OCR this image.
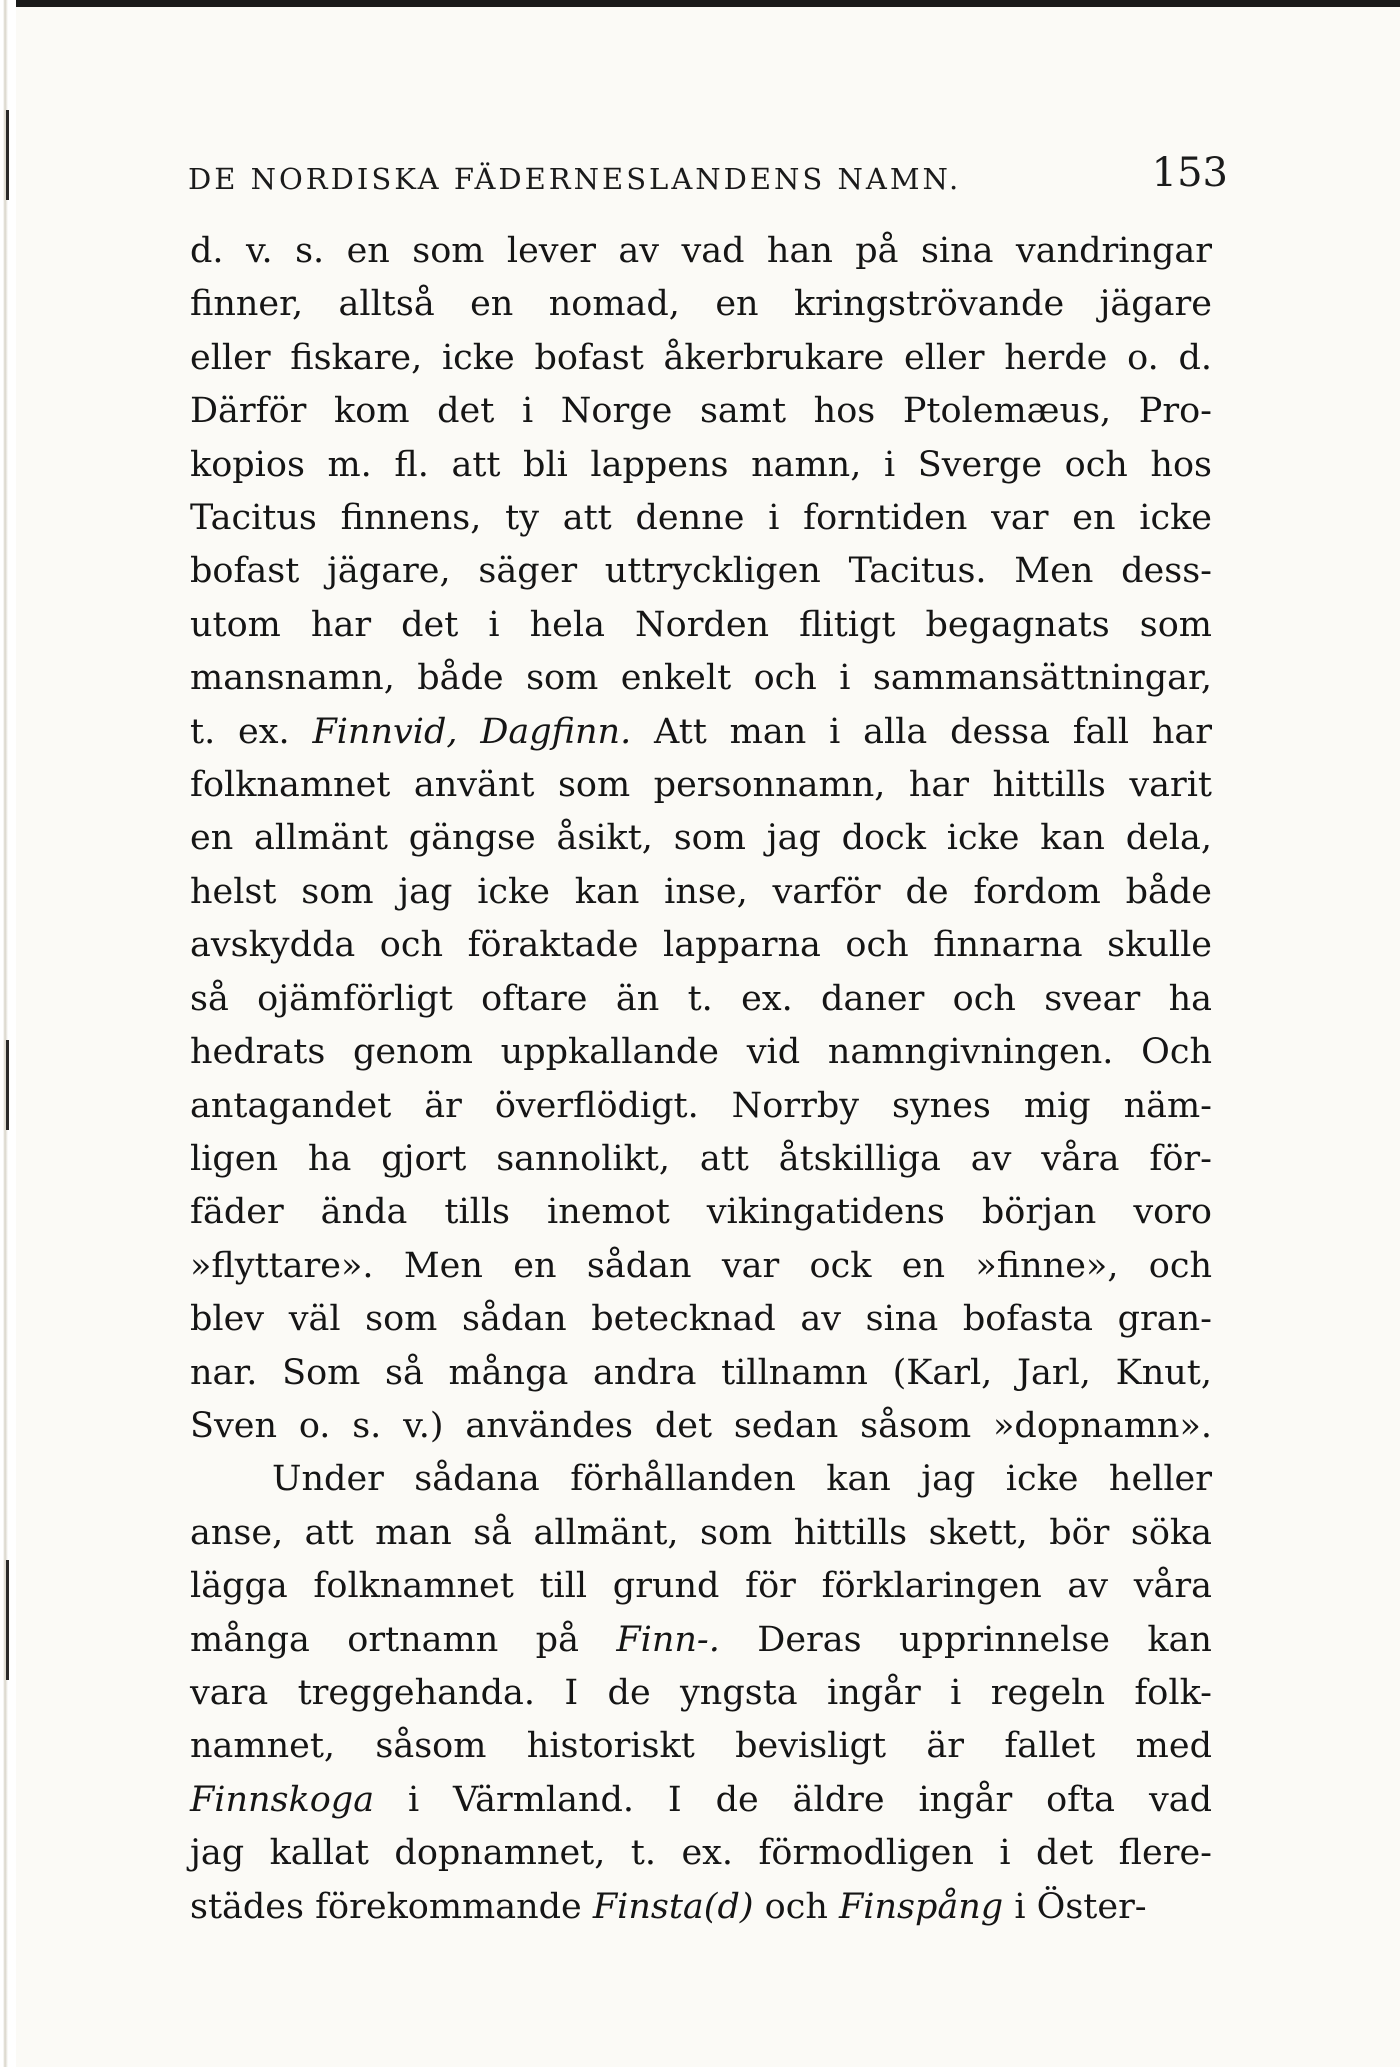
DE NORDISKA FÄDERNESLANDENS NAMN.	153
d. v. s. en som lever av vad han på sina vandringar
finner, alltså en nomad, en kringströvande jägare
eller fiskare, icke bofast åkerbrukare eller herde o. d.
Därför kom det i Norge samt hos Ptolemæus, Pro-
kopios m. fl. att bli lappens namn, i Sverge och hos
Tacitus finnens, ty att denne i forntiden var en icke
bofast jägare, säger uttryckligen Tacitus. Men dess-
utom har det i hela Norden flitigt begagnats som
mansnamn, både som enkelt och i sammansättningar,
t. ex. Finnvid, Dagfinn. Att man i alla dessa fall har
folknamnet använt som personnamn, har hittills varit
en allmänt gängse åsikt, som jag dock icke kan dela,
helst som jag icke kan inse, varför de fordom både
avskydda och föraktade lapparna och finnarna skulle
så ojämförligt oftare än t. ex. daner och svear ha
hedrats genom uppkallande vid namngivningen. Och
antagandet är överflödigt. Norrby synes mig näm-
ligen ha gjort sannolikt, att åtskilliga av våra för-
fäder ända tills inemot vikingatidens början voro
»flyttare». Men en sådan var ock en »finne», och
blev väl som sådan betecknad av sina bofasta gran-
nar. Som så många andra tillnamn (Karl, Jarl, Knut,
Sven o. s. v.) användes det sedan såsom »dopnamn».
Under sådana förhållanden kan jag icke heller
anse, att man så allmänt, som hittills skett, bör söka
lägga folknamnet till grund för förklaringen av våra
många ortnamn på Finn-. Deras upprinnelse kan
vara treggehanda. I de yngsta ingår i regeln folk-
namnet, såsom historiskt bevisligt är fallet med
Finnskoga i Värmland. I de äldre ingår ofta vad
jag kallat dopnamnet, t. ex. förmodligen i det flere-
städes förekommande Finsta(d) och Finspång i Öster-
